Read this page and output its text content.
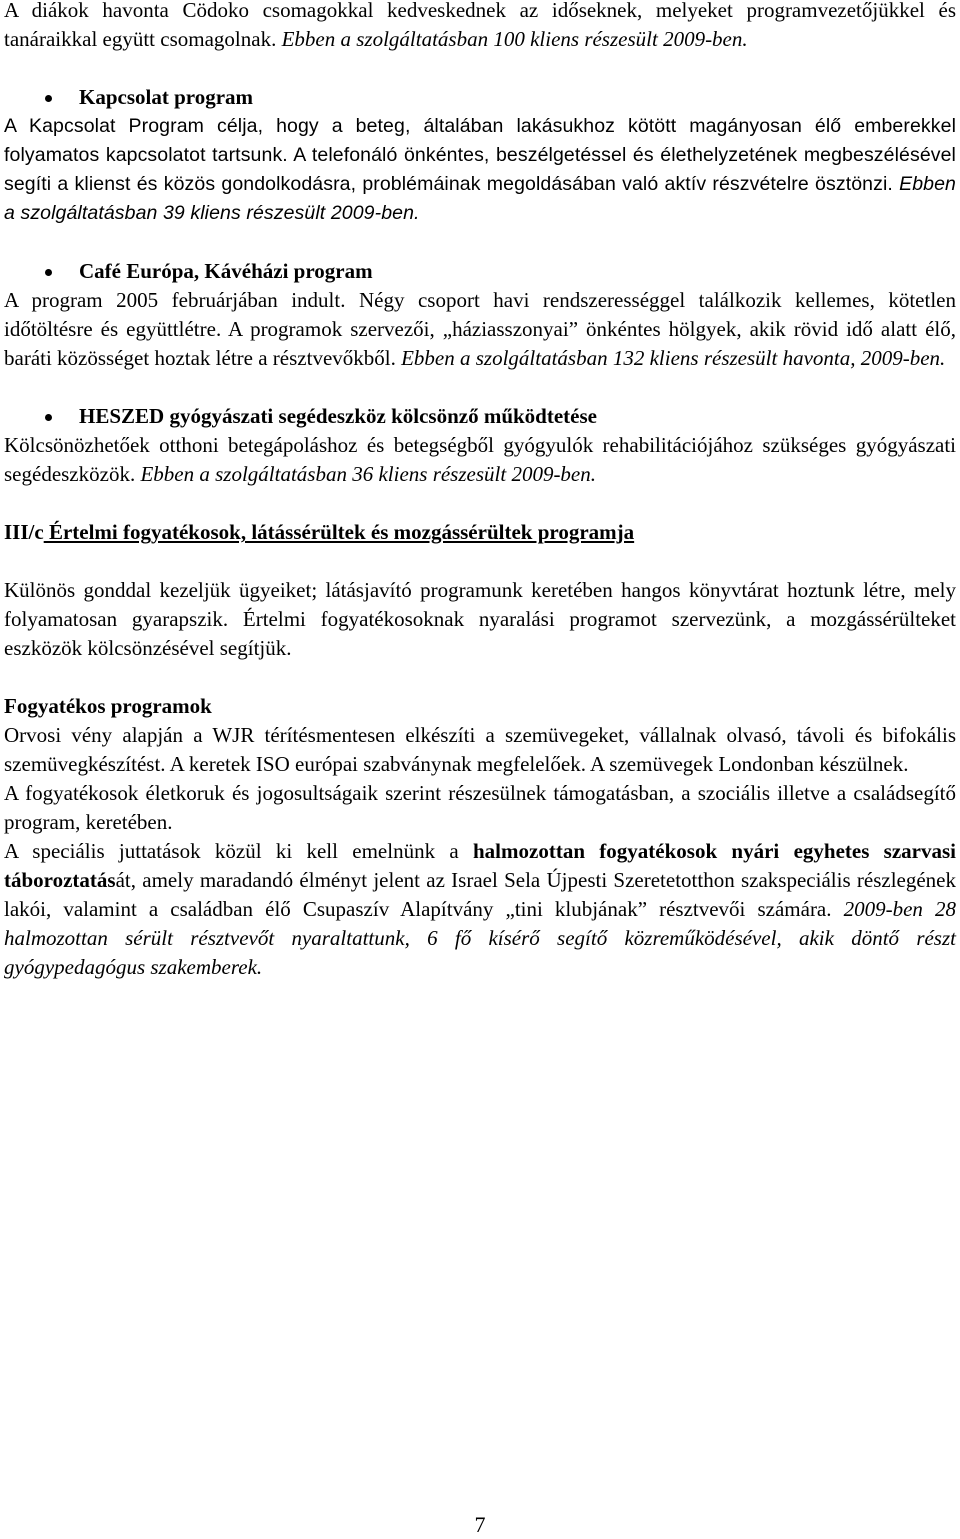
A diákok havonta Cödoko csomagokkal kedveskednek az időseknek, melyeket programvezetőjükkel és tanáraikkal együtt csomagolnak. Ebben a szolgáltatásban 100 kliens részesült 2009-ben.

Kapcsolat program

A Kapcsolat Program célja, hogy a beteg, általában lakásukhoz kötött magányosan élő emberekkel folyamatos kapcsolatot tartsunk. A telefonáló önkéntes, beszélgetéssel és élethelyzetének megbeszélésével segíti a klienst és közös gondolkodásra, problémáinak megoldásában való aktív részvételre ösztönzi. Ebben a szolgáltatásban 39 kliens részesült 2009-ben.

Café Európa, Kávéházi program

A program 2005 februárjában indult. Négy csoport havi rendszerességgel találkozik kellemes, kötetlen időtöltésre és együttlétre. A programok szervezői, „háziasszonyai” önkéntes hölgyek, akik rövid idő alatt élő, baráti közösséget hoztak létre a résztvevőkből. Ebben a szolgáltatásban 132 kliens részesült havonta, 2009-ben.

HESZED gyógyászati segédeszköz kölcsönző működtetése

Kölcsönözhetőek otthoni betegápoláshoz és betegségből gyógyulók rehabilitációjához szükséges gyógyászati segédeszközök. Ebben a szolgáltatásban 36 kliens részesült 2009-ben.

III/c Értelmi fogyatékosok, látássérültek és mozgássérültek programja

Különös gonddal kezeljük ügyeiket; látásjavító programunk keretében hangos könyvtárat hoztunk létre, mely folyamatosan gyarapszik. Értelmi fogyatékosoknak nyaralási programot szervezünk, a mozgássérülteket eszközök kölcsönzésével segítjük.

Fogyatékos programok

Orvosi vény alapján a WJR térítésmentesen elkészíti a szemüvegeket, vállalnak olvasó, távoli és bifokális szemüvegkészítést. A keretek ISO európai szabványnak megfelelőek. A szemüvegek Londonban készülnek.

A fogyatékosok életkoruk és jogosultságaik szerint részesülnek támogatásban, a szociális illetve a családsegítő program, keretében.

A speciális juttatások közül ki kell emelnünk a halmozottan fogyatékosok nyári egyhetes szarvasi táboroztatását, amely maradandó élményt jelent az Israel Sela Újpesti Szeretetotthon szakspeciális részlegének lakói, valamint a családban élő Csupaszív Alapítvány „tini klubjának” résztvevői számára. 2009-ben 28 halmozottan sérült résztvevőt nyaraltattunk, 6 fő kísérő segítő közreműködésével, akik döntő részt gyógypedagógus szakemberek.

7
